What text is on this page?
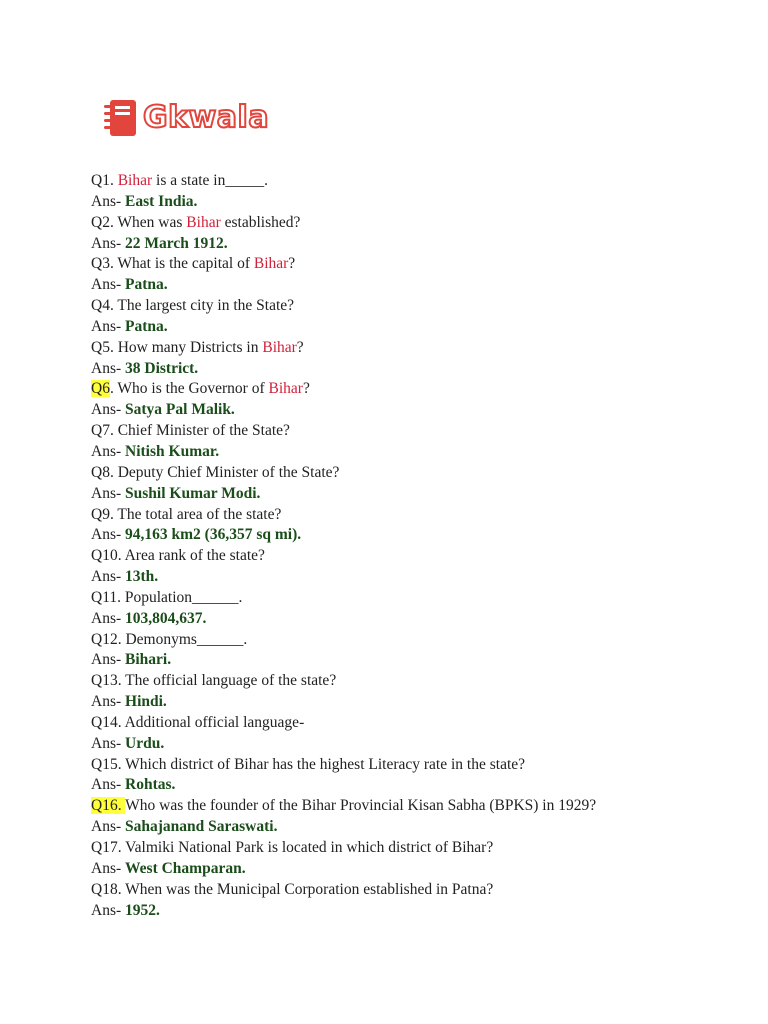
Gkwala
Q1. Bihar is a state in_____.
Ans- East India.
Q2. When was Bihar established?
Ans- 22 March 1912.
Q3. What is the capital of Bihar?
Ans- Patna.
Q4. The largest city in the State?
Ans- Patna.
Q5. How many Districts in Bihar?
Ans- 38 District.
Q6. Who is the Governor of Bihar?
Ans- Satya Pal Malik.
Q7. Chief Minister of the State?
Ans- Nitish Kumar.
Q8. Deputy Chief Minister of the State?
Ans- Sushil Kumar Modi.
Q9. The total area of the state?
Ans- 94,163 km2 (36,357 sq mi).
Q10. Area rank of the state?
Ans- 13th.
Q11. Population______.
Ans- 103,804,637.
Q12. Demonyms______.
Ans- Bihari.
Q13. The official language of the state?
Ans- Hindi.
Q14. Additional official language-
Ans- Urdu.
Q15. Which district of Bihar has the highest Literacy rate in the state?
Ans- Rohtas.
Q16. Who was the founder of the Bihar Provincial Kisan Sabha (BPKS) in 1929?
Ans- Sahajanand Saraswati.
Q17. Valmiki National Park is located in which district of Bihar?
Ans- West Champaran.
Q18. When was the Municipal Corporation established in Patna?
Ans- 1952.
